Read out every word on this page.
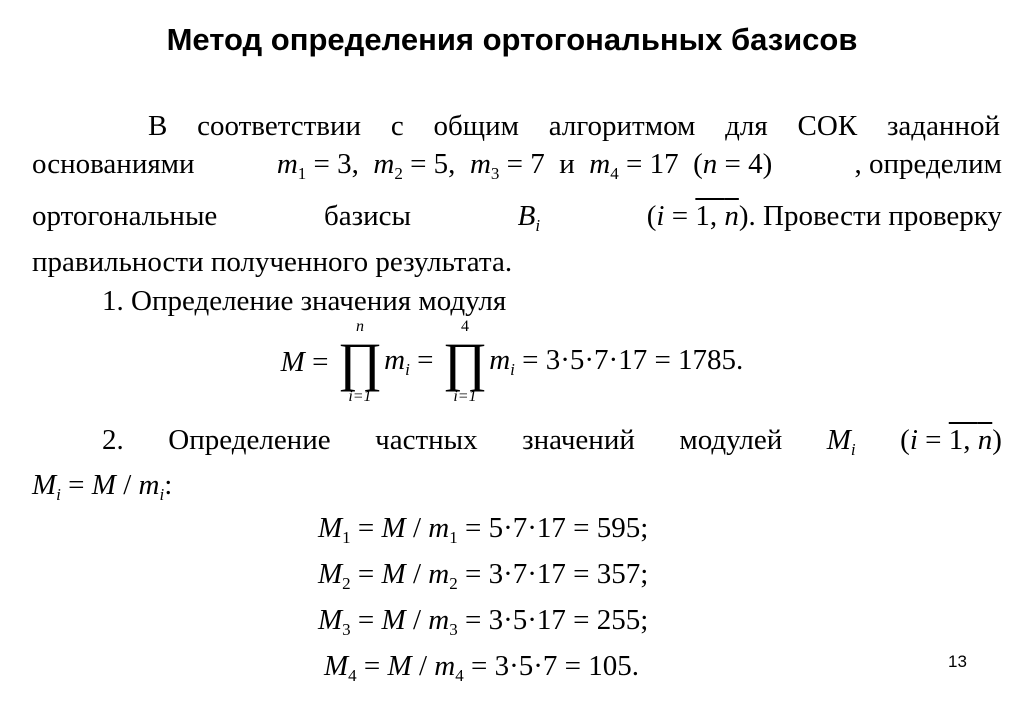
Метод определения ортогональных базисов
В соответствии с общим алгоритмом для СОК заданной
основаниями	$m_1 = 3$,  $m_2 = 5$,  $m_3 = 7$  и  $m_4 = 17$  (n = 4)	, определим
ортогональные	базисы	$B_i$	(i = 1, n). Провести проверку
правильности полученного результата.
1. Определение значения модуля
M =
n
∏
i=1
$m_i$ =
4
∏
i=1
$m_i = 3\cdot 5\cdot 7\cdot 17 = 1785$.
2. Определение частных значений модулей $M_i$ (i = 1, n)
$M_i = M / m_i$:
$M_1 = M / m_1 = 5\cdot 7\cdot 17 = 595$;
$M_2 = M / m_2 = 3\cdot 7\cdot 17 = 357$;
$M_3 = M / m_3 = 3\cdot 5\cdot 17 = 255$;
$M_4 = M / m_4 = 3\cdot 5\cdot 7 = 105$.	13
